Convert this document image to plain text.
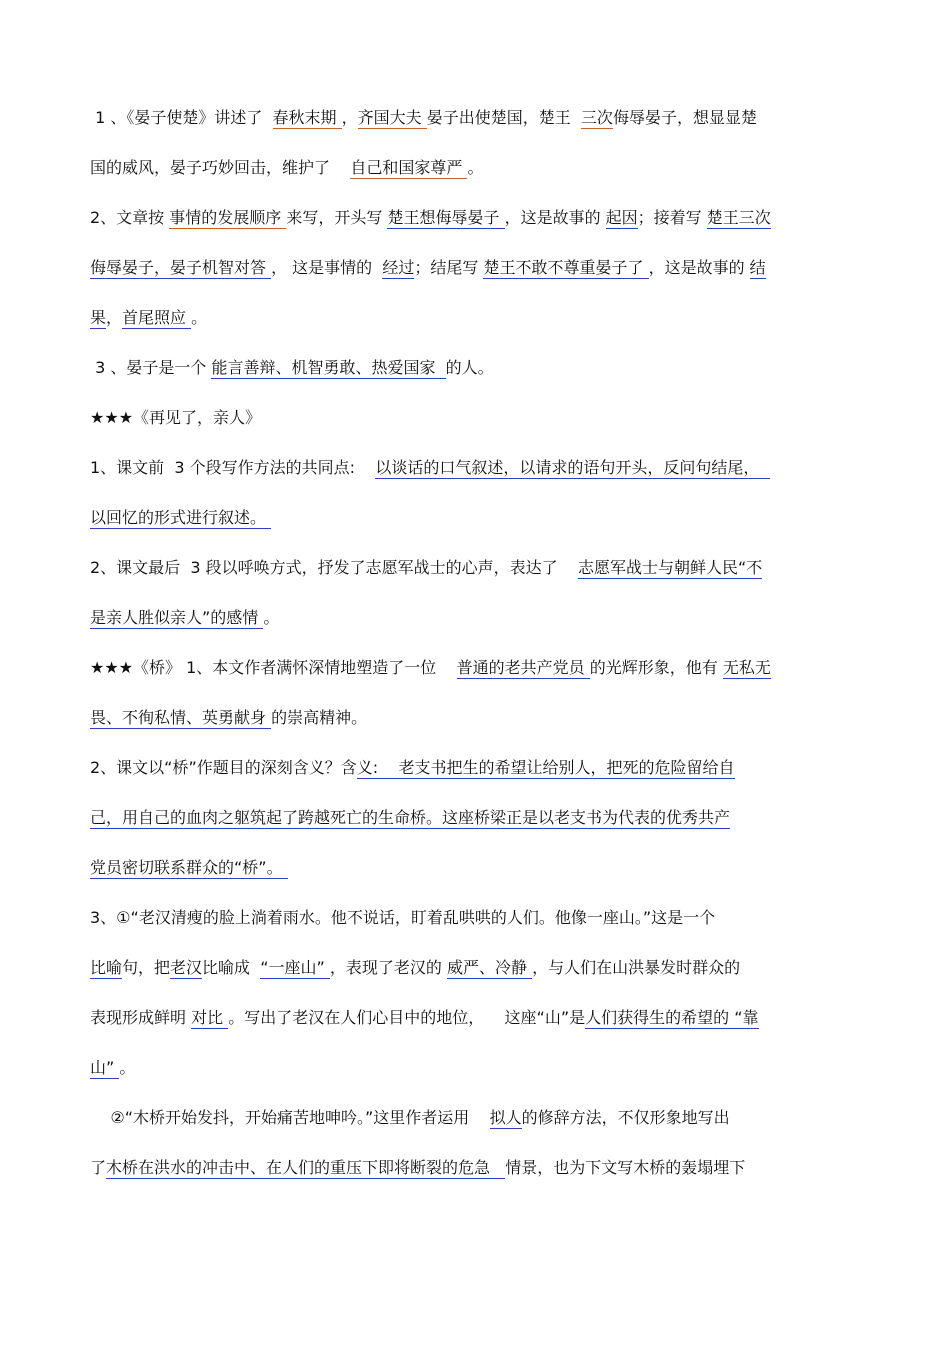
1 、《晏子使楚》讲述了  春秋末期 ，齐国大夫 晏子出使楚国，楚王  三次侮辱晏子，想显显楚
国的威风，晏子巧妙回击，维护了    自己和国家尊严 。
2、文章按 事情的发展顺序 来写，开头写 楚王想侮辱晏子 ，这是故事的 起因；接着写 楚王三次
侮辱晏子，晏子机智对答 ， 这是事情的  经过；结尾写 楚王不敢不尊重晏子了 ，这是故事的 结
果，首尾照应 。
3 、晏子是一个 能言善辩、机智勇敢、热爱国家  的人。
★★★《再见了，亲人》
1、课文前  3 个段写作方法的共同点:    以谈话的口气叙述，以请求的语句开头，反问句结尾，
以回忆的形式进行叙述。
2、课文最后  3 段以呼唤方式，抒发了志愿军战士的心声，表达了    志愿军战士与朝鲜人民“不
是亲人胜似亲人”的感情 。
★★★《桥》 1、本文作者满怀深情地塑造了一位    普通的老共产党员 的光辉形象，他有 无私无
畏、不徇私情、英勇献身 的崇高精神。
2、课文以“桥”作题目的深刻含义？含义:    老支书把生的希望让给别人，把死的危险留给自
己，用自己的血肉之躯筑起了跨越死亡的生命桥。这座桥梁正是以老支书为代表的优秀共产
党员密切联系群众的“桥”。
3、①“老汉清瘦的脸上淌着雨水。他不说话，盯着乱哄哄的人们。他像一座山。”这是一个
比喻句，把老汉比喻成  “一座山” ，表现了老汉的 威严、冷静 ，与人们在山洪暴发时群众的
表现形成鲜明 对比 。写出了老汉在人们心目中的地位，    这座“山”是人们获得生的希望的 “靠
山” 。
②“木桥开始发抖，开始痛苦地呻吟。”这里作者运用    拟人的修辞方法，不仅形象地写出
了木桥在洪水的冲击中、在人们的重压下即将断裂的危急   情景，也为下文写木桥的轰塌埋下
